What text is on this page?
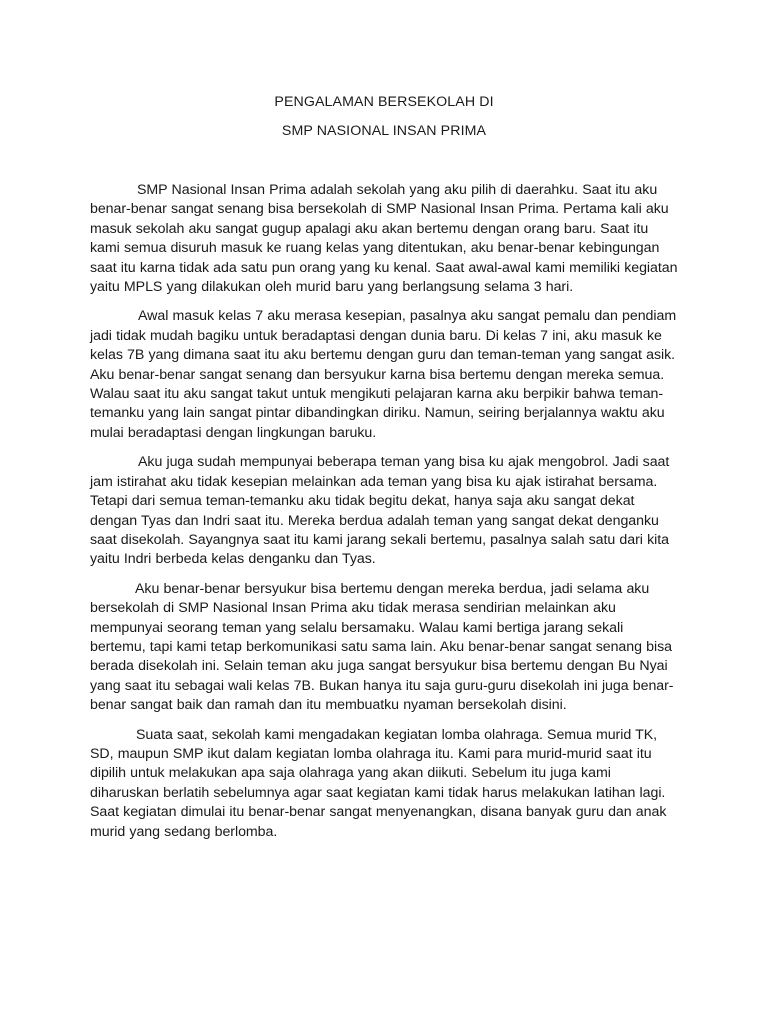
PENGALAMAN BERSEKOLAH DI
SMP NASIONAL INSAN PRIMA

SMP Nasional Insan Prima adalah sekolah yang aku pilih di daerahku. Saat itu aku benar-benar sangat senang bisa bersekolah di SMP Nasional Insan Prima. Pertama kali aku masuk sekolah aku sangat gugup apalagi aku akan bertemu dengan orang baru. Saat itu kami semua disuruh masuk ke ruang kelas yang ditentukan, aku benar-benar kebingungan saat itu karna tidak ada satu pun orang yang ku kenal. Saat awal-awal kami memiliki kegiatan yaitu MPLS yang dilakukan oleh murid baru yang berlangsung selama 3 hari.

Awal masuk kelas 7 aku merasa kesepian, pasalnya aku sangat pemalu dan pendiam jadi tidak mudah bagiku untuk beradaptasi dengan dunia baru. Di kelas 7 ini, aku masuk ke kelas 7B yang dimana saat itu aku bertemu dengan guru dan teman-teman yang sangat asik. Aku benar-benar sangat senang dan bersyukur karna bisa bertemu dengan mereka semua. Walau saat itu aku sangat takut untuk mengikuti pelajaran karna aku berpikir bahwa teman-temanku yang lain sangat pintar dibandingkan diriku. Namun, seiring berjalannya waktu aku mulai beradaptasi dengan lingkungan baruku.

Aku juga sudah mempunyai beberapa teman yang bisa ku ajak mengobrol. Jadi saat jam istirahat aku tidak kesepian melainkan ada teman yang bisa ku ajak istirahat bersama. Tetapi dari semua teman-temanku aku tidak begitu dekat, hanya saja aku sangat dekat dengan Tyas dan Indri saat itu. Mereka berdua adalah teman yang sangat dekat denganku saat disekolah. Sayangnya saat itu kami jarang sekali bertemu, pasalnya salah satu dari kita yaitu Indri berbeda kelas denganku dan Tyas.

Aku benar-benar bersyukur bisa bertemu dengan mereka berdua, jadi selama aku bersekolah di SMP Nasional Insan Prima aku tidak merasa sendirian melainkan aku mempunyai seorang teman yang selalu bersamaku. Walau kami bertiga jarang sekali bertemu, tapi kami tetap berkomunikasi satu sama lain. Aku benar-benar sangat senang bisa berada disekolah ini. Selain teman aku juga sangat bersyukur bisa bertemu dengan Bu Nyai yang saat itu sebagai wali kelas 7B. Bukan hanya itu saja guru-guru disekolah ini juga benar-benar sangat baik dan ramah dan itu membuatku nyaman bersekolah disini.

Suata saat, sekolah kami mengadakan kegiatan lomba olahraga. Semua murid TK, SD, maupun SMP ikut dalam kegiatan lomba olahraga itu. Kami para murid-murid saat itu dipilih untuk melakukan apa saja olahraga yang akan diikuti. Sebelum itu juga kami diharuskan berlatih sebelumnya agar saat kegiatan kami tidak harus melakukan latihan lagi. Saat kegiatan dimulai itu benar-benar sangat menyenangkan, disana banyak guru dan anak murid yang sedang berlomba.
